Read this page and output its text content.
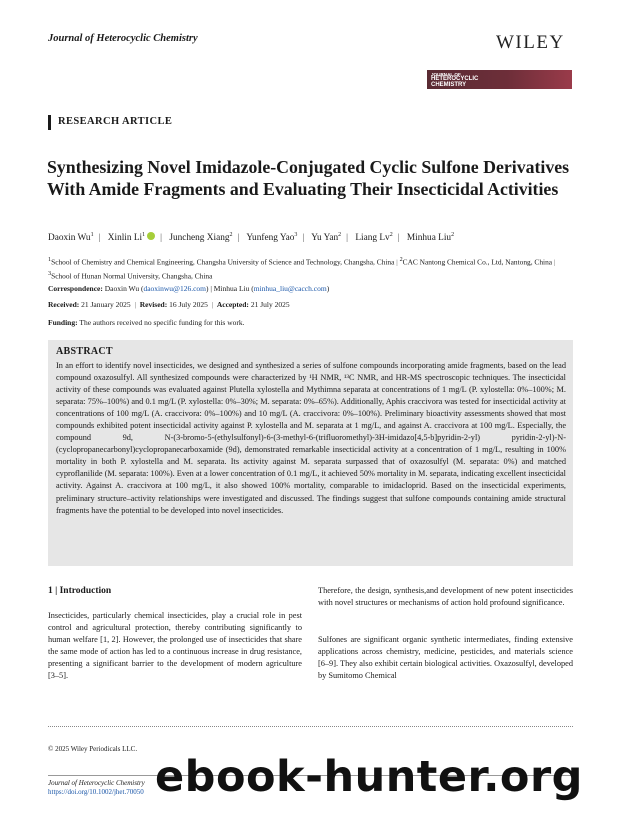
Journal of Heterocyclic Chemistry	WILEY
JOURNAL OF
HETEROCYCLIC
CHEMISTRY
RESEARCH ARTICLE
Synthesizing Novel Imidazole-Conjugated Cyclic Sulfone Derivatives With Amide Fragments and Evaluating Their Insecticidal Activities
Daoxin Wu$^1$ | Xinlin Li$^1$ | Juncheng Xiang$^2$ | Yunfeng Yao$^3$ | Yu Yan$^2$ | Liang Lv$^2$ | Minhua Liu$^2$
$^1$School of Chemistry and Chemical Engineering, Changsha University of Science and Technology, Changsha, China | $^2$CAC Nantong Chemical Co., Ltd, Nantong, China | $^3$School of Hunan Normal University, Changsha, China
Correspondence: Daoxin Wu (daoxinwu@126.com) | Minhua Liu (minhua_liu@cacch.com)
Received: 21 January 2025  |  Revised: 16 July 2025  |  Accepted: 21 July 2025
Funding: The authors received no specific funding for this work.
ABSTRACT
In an effort to identify novel insecticides, we designed and synthesized a series of sulfone compounds incorporating amide fragments, based on the lead compound oxazosulfyl. All synthesized compounds were characterized by ¹H NMR, ¹³C NMR, and HR-MS spectroscopic techniques. The insecticidal activity of these compounds was evaluated against Plutella xylostella and Mythimna separata at concentrations of 1 mg/L (P. xylostella: 0%–100%; M. separata: 75%–100%) and 0.1 mg/L (P. xylostella: 0%–30%; M. separata: 0%–65%). Additionally, Aphis craccivora was tested for insecticidal activity at concentrations of 100 mg/L (A. craccivora: 0%–100%) and 10 mg/L (A. craccivora: 0%–100%). Preliminary bioactivity assessments showed that most compounds exhibited potent insecticidal activity against P. xylostella and M. separata at 1 mg/L, and against A. craccivora at 100 mg/L. Especially, the compound 9d, N-(3-bromo-5-(ethylsulfonyl)-6-(3-methyl-6-(trifluoromethyl)-3H-imidazo[4,5-b]pyridin-2-yl) pyridin-2-yl)-N-(cyclopropanecarbonyl)cyclopropanecarboxamide (9d), demonstrated remarkable insecticidal activity at a concentration of 1 mg/L, resulting in 100% mortality in both P. xylostella and M. separata. Its activity against M. separata surpassed that of oxazosulfyl (M. separata: 0%) and matched cyproflanilide (M. separata: 100%). Even at a lower concentration of 0.1 mg/L, it achieved 50% mortality in M. separata, indicating excellent insecticidal activity. Against A. craccivora at 100 mg/L, it also showed 100% mortality, comparable to imidacloprid. Based on the insecticidal experiments, preliminary structure–activity relationships were investigated and discussed. The findings suggest that sulfone compounds containing amide structural fragments have the potential to be developed into novel insecticides.
1 | Introduction
Insecticides, particularly chemical insecticides, play a crucial role in pest control and agricultural protection, thereby contributing significantly to human welfare [1, 2]. However, the prolonged use of insecticides that share the same mode of action has led to a continuous increase in drug resistance, presenting a significant barrier to the development of modern agriculture [3–5].
Therefore, the design, synthesis,and development of new potent insecticides with novel structures or mechanisms of action hold profound significance.
Sulfones are significant organic synthetic intermediates, finding extensive applications across chemistry, medicine, pesticides, and materials science [6–9]. They also exhibit certain biological activities. Oxazosulfyl, developed by Sumitomo Chemical
© 2025 Wiley Periodicals LLC.
Journal of Heterocyclic Chemistry
https://doi.org/10.1002/jhet.70050 ebook-hunter.org
